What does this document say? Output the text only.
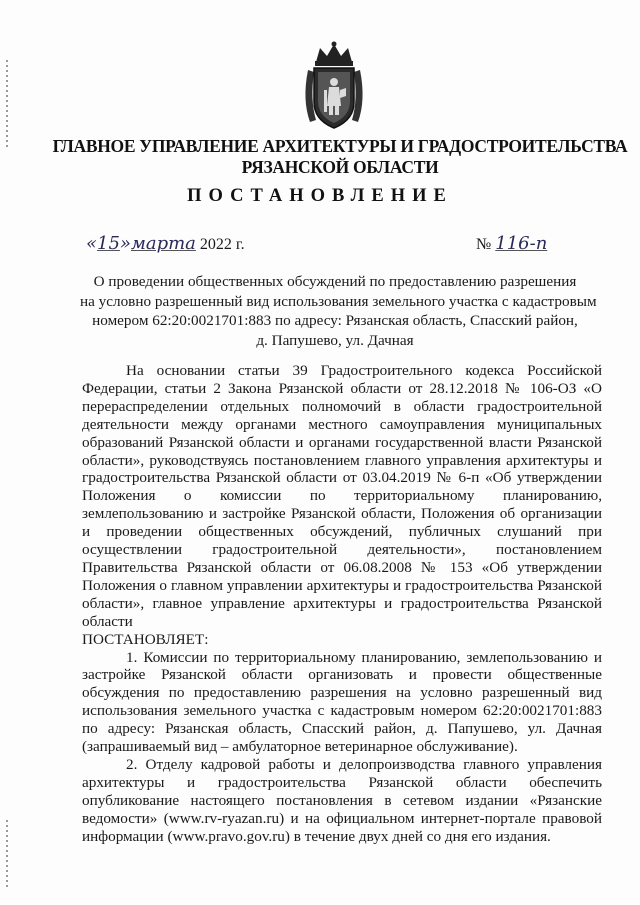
ГЛАВНОЕ УПРАВЛЕНИЕ АРХИТЕКТУРЫ И ГРАДОСТРОИТЕЛЬСТВА
РЯЗАНСКОЙ ОБЛАСТИ
ПОСТАНОВЛЕНИЕ
«15»марта 2022 г.	№ 116-п
О проведении общественных обсуждений по предоставлению разрешения
на условно разрешенный вид использования земельного участка с кадастровым
номером 62:20:0021701:883 по адресу: Рязанская область, Спасский район,
д. Папушево, ул. Дачная

На основании статьи 39 Градостроительного кодекса Российской Федерации, статьи 2 Закона Рязанской области от 28.12.2018 № 106-ОЗ «О перераспределении отдельных полномочий в области градостроительной деятельности между органами местного самоуправления муниципальных образований Рязанской области и органами государственной власти Рязанской области», руководствуясь постановлением главного управления архитектуры и градостроительства Рязанской области от 03.04.2019 № 6-п «Об утверждении Положения о комиссии по территориальному планированию, землепользованию и застройке Рязанской области, Положения об организации и проведении общественных обсуждений, публичных слушаний при осуществлении градостроительной деятельности», постановлением Правительства Рязанской области от 06.08.2008 № 153 «Об утверждении Положения о главном управлении архитектуры и градостроительства Рязанской области», главное управление архитектуры и градостроительства Рязанской области

ПОСТАНОВЛЯЕТ:

1. Комиссии по территориальному планированию, землепользованию и застройке Рязанской области организовать и провести общественные обсуждения по предоставлению разрешения на условно разрешенный вид использования земельного участка с кадастровым номером 62:20:0021701:883 по адресу: Рязанская область, Спасский район, д. Папушево, ул. Дачная (запрашиваемый вид – амбулаторное ветеринарное обслуживание).

2. Отделу кадровой работы и делопроизводства главного управления архитектуры и градостроительства Рязанской области обеспечить опубликование настоящего постановления в сетевом издании «Рязанские ведомости» (www.rv-ryazan.ru) и на официальном интернет-портале правовой информации (www.pravo.gov.ru) в течение двух дней со дня его издания.
